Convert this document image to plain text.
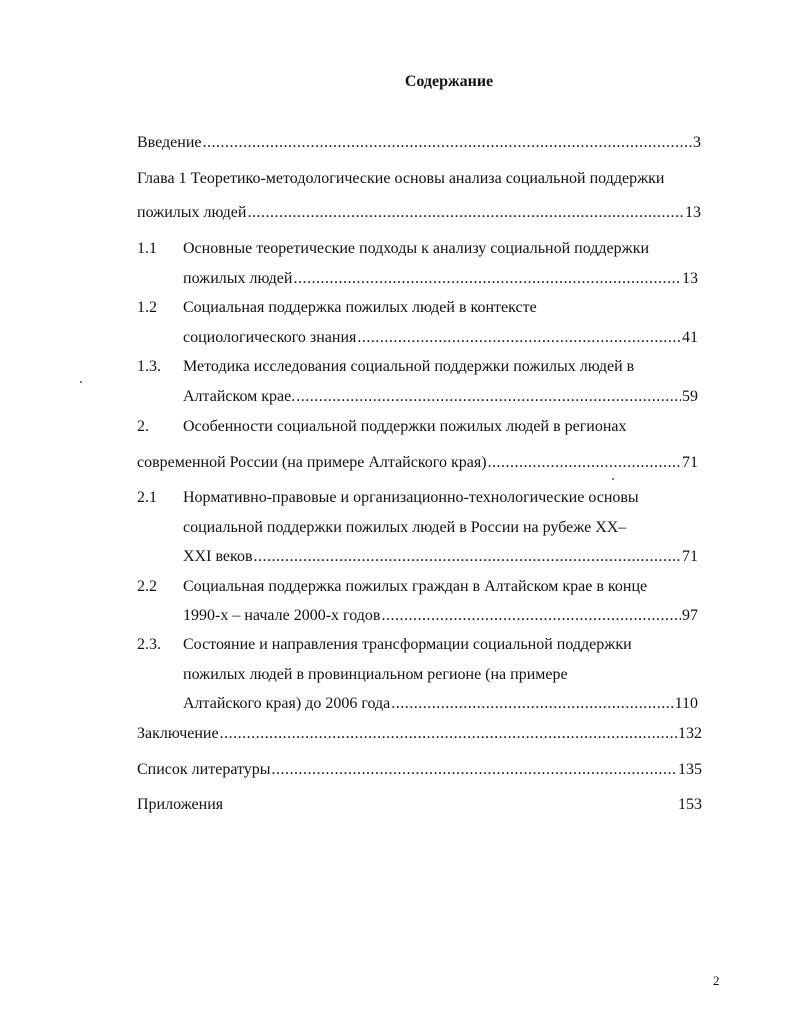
Содержание
Введение .....	3
Глава 1 Теоретико-методологические основы анализа социальной поддержки
пожилых людей .....	13
1.1 Основные теоретические подходы к анализу социальной поддержки
пожилых людей .....	13
1.2 Социальная поддержка пожилых людей в контексте
социологического знания .....	41
1.3. Методика исследования социальной поддержки пожилых людей в
Алтайском крае. .....	59
2. Особенности социальной поддержки пожилых людей в регионах
современной России (на примере Алтайского края) .....	71
2.1 Нормативно-правовые и организационно-технологические основы
социальной поддержки пожилых людей в России на рубеже XX–
XXI веков .....	71
2.2 Социальная поддержка пожилых граждан в Алтайском крае в конце
1990-х – начале 2000-х годов .....	97
2.3. Состояние и направления трансформации социальной поддержки
пожилых людей в провинциальном регионе (на примере
Алтайского края) до 2006 года .....	110
Заключение .....	132
Список литературы .....	135
Приложения	153
2
